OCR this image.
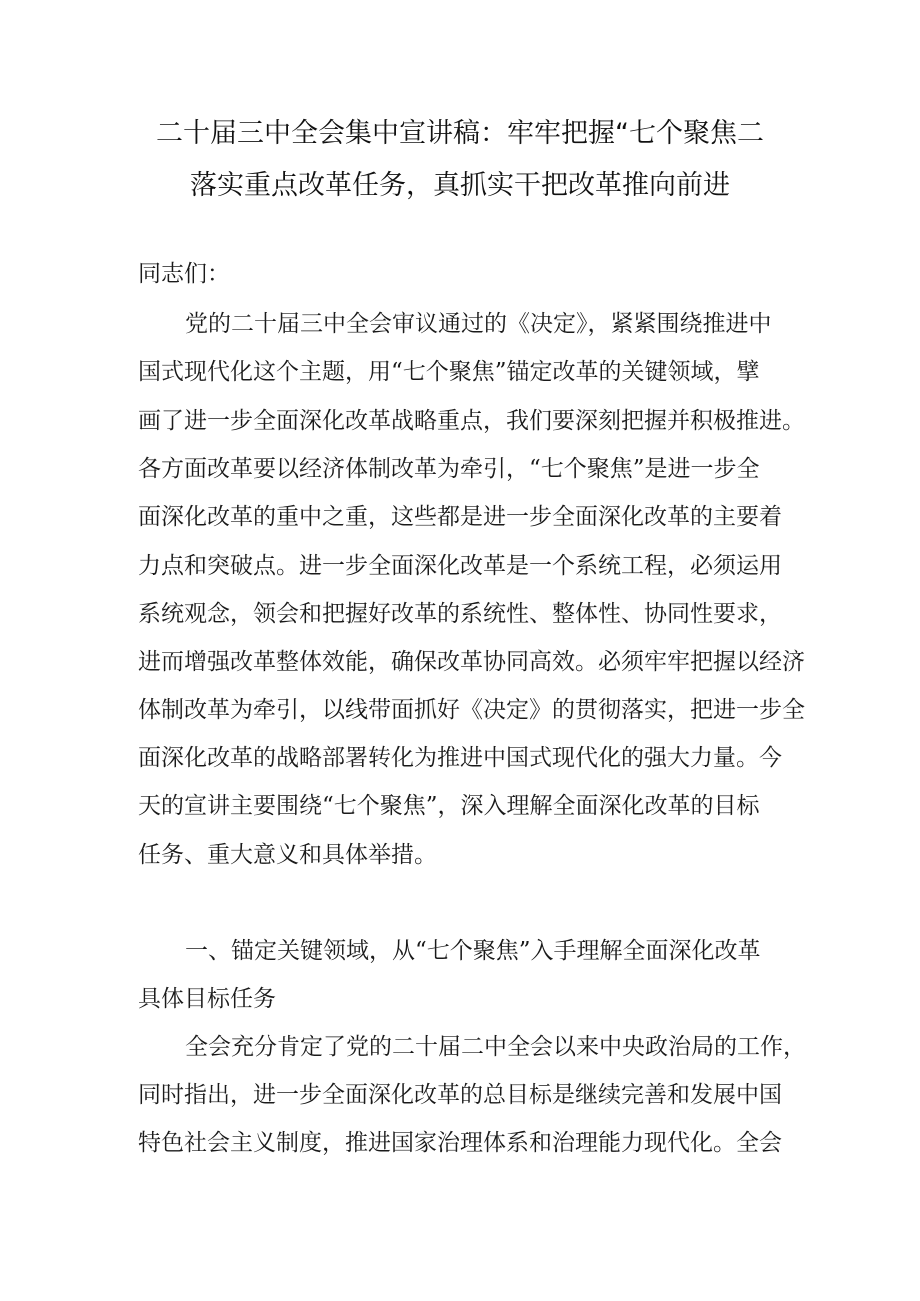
二十届三中全会集中宣讲稿：牢牢把握“七个聚焦二
落实重点改革任务，真抓实干把改革推向前进
同志们：
党的二十届三中全会审议通过的《决定》，紧紧围绕推进中
国式现代化这个主题，用“七个聚焦”锚定改革的关键领域，擘
画了进一步全面深化改革战略重点，我们要深刻把握并积极推进。
各方面改革要以经济体制改革为牵引，“七个聚焦”是进一步全
面深化改革的重中之重，这些都是进一步全面深化改革的主要着
力点和突破点。进一步全面深化改革是一个系统工程，必须运用
系统观念，领会和把握好改革的系统性、整体性、协同性要求，
进而增强改革整体效能，确保改革协同高效。必须牢牢把握以经济
体制改革为牵引，以线带面抓好《决定》的贯彻落实，把进一步全
面深化改革的战略部署转化为推进中国式现代化的强大力量。今
天的宣讲主要围绕“七个聚焦”，深入理解全面深化改革的目标
任务、重大意义和具体举措。
一、锚定关键领域，从“七个聚焦”入手理解全面深化改革
具体目标任务
全会充分肯定了党的二十届二中全会以来中央政治局的工作，
同时指出，进一步全面深化改革的总目标是继续完善和发展中国
特色社会主义制度，推进国家治理体系和治理能力现代化。全会
